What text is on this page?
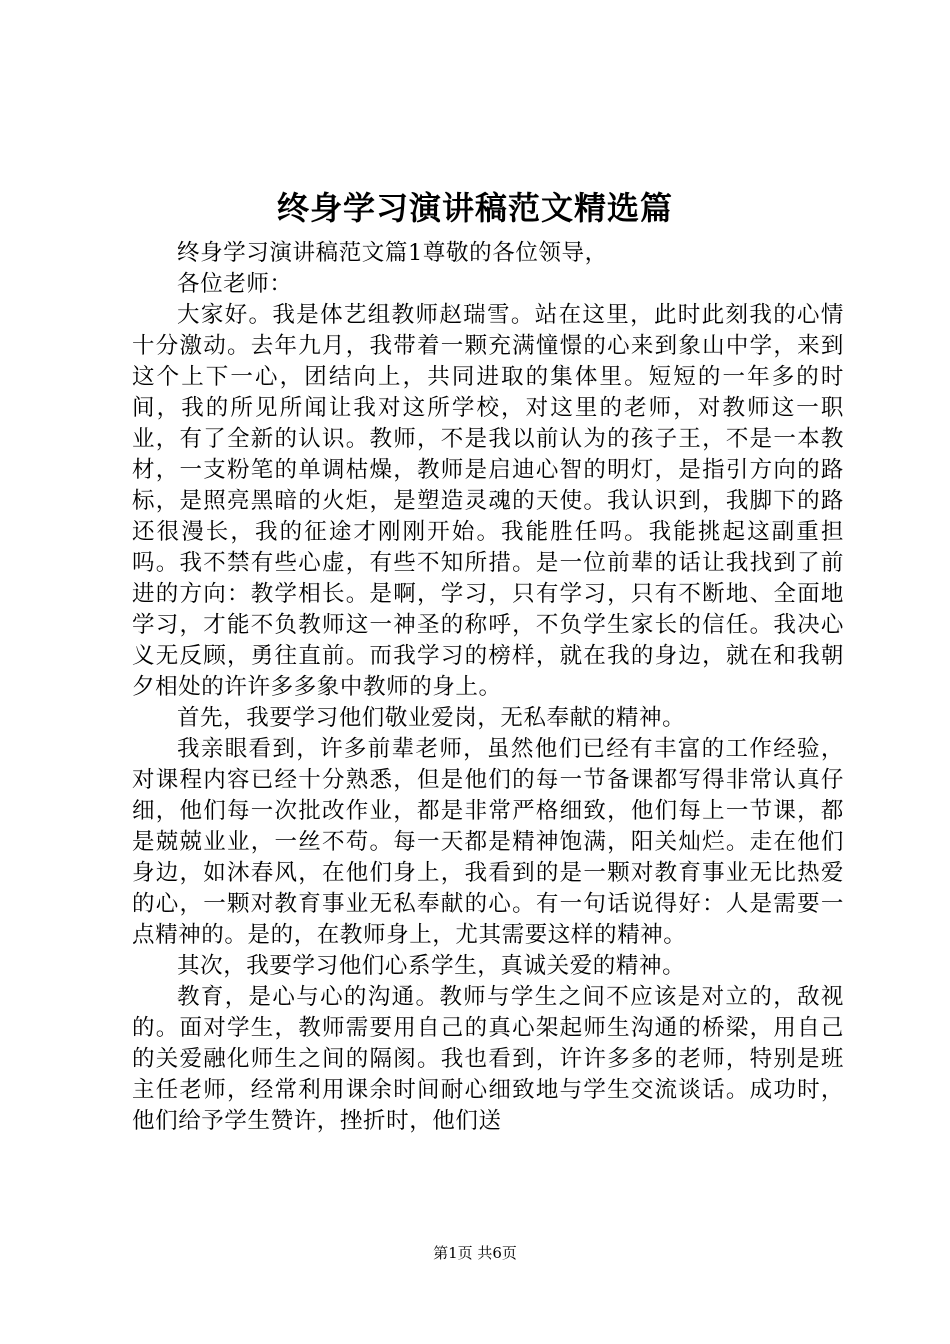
终身学习演讲稿范文精选篇

终身学习演讲稿范文篇1尊敬的各位领导，

各位老师：

大家好。我是体艺组教师赵瑞雪。站在这里，此时此刻我的心情十分激动。去年九月，我带着一颗充满憧憬的心来到象山中学，来到这个上下一心，团结向上，共同进取的集体里。短短的一年多的时间，我的所见所闻让我对这所学校，对这里的老师，对教师这一职业，有了全新的认识。教师，不是我以前认为的孩子王，不是一本教材，一支粉笔的单调枯燥，教师是启迪心智的明灯，是指引方向的路标，是照亮黑暗的火炬，是塑造灵魂的天使。我认识到，我脚下的路还很漫长，我的征途才刚刚开始。我能胜任吗。我能挑起这副重担吗。我不禁有些心虚，有些不知所措。是一位前辈的话让我找到了前进的方向：教学相长。是啊，学习，只有学习，只有不断地、全面地学习，才能不负教师这一神圣的称呼，不负学生家长的信任。我决心义无反顾，勇往直前。而我学习的榜样，就在我的身边，就在和我朝夕相处的许许多多象中教师的身上。

首先，我要学习他们敬业爱岗，无私奉献的精神。

我亲眼看到，许多前辈老师，虽然他们已经有丰富的工作经验，对课程内容已经十分熟悉，但是他们的每一节备课都写得非常认真仔细，他们每一次批改作业，都是非常严格细致，他们每上一节课，都是兢兢业业，一丝不苟。每一天都是精神饱满，阳关灿烂。走在他们身边，如沐春风，在他们身上，我看到的是一颗对教育事业无比热爱的心，一颗对教育事业无私奉献的心。有一句话说得好：人是需要一点精神的。是的，在教师身上，尤其需要这样的精神。

其次，我要学习他们心系学生，真诚关爱的精神。

教育，是心与心的沟通。教师与学生之间不应该是对立的，敌视的。面对学生，教师需要用自己的真心架起师生沟通的桥梁，用自己的关爱融化师生之间的隔阂。我也看到，许许多多的老师，特别是班主任老师，经常利用课余时间耐心细致地与学生交流谈话。成功时，他们给予学生赞许，挫折时，他们送

第1页 共6页
